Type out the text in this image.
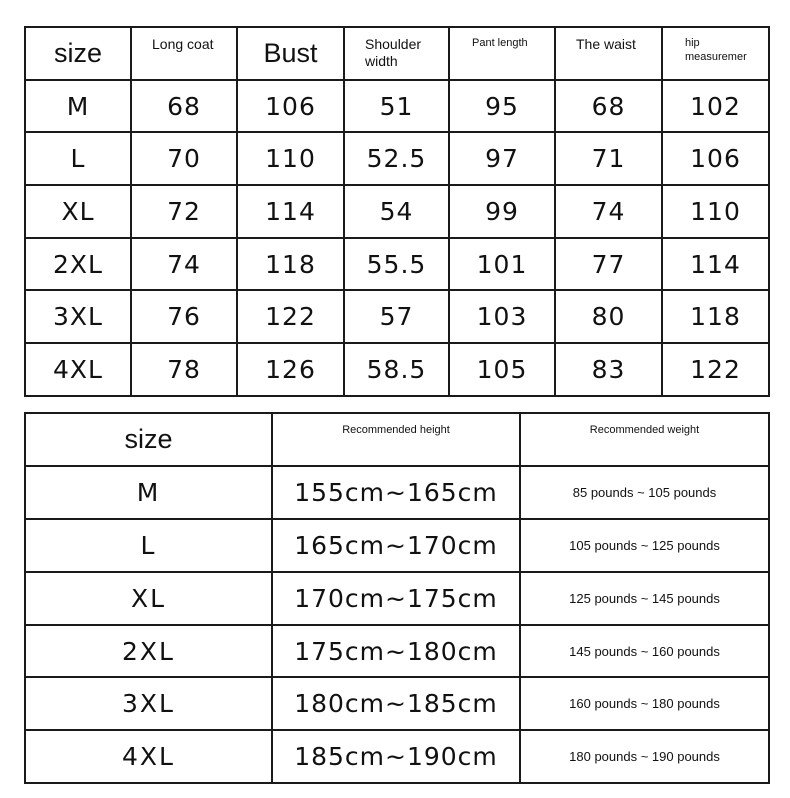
size	Long coat	Bust	Shoulder width	Pant length	The waist	hip measuremer
M	68	106	51	95	68	102
L	70	110	52.5	97	71	106
XL	72	114	54	99	74	110
2XL	74	118	55.5	101	77	114
3XL	76	122	57	103	80	118
4XL	78	126	58.5	105	83	122
size	Recommended height	Recommended weight
M	155cm~165cm	85 pounds ~ 105 pounds
L	165cm~170cm	105 pounds ~ 125 pounds
XL	170cm~175cm	125 pounds ~ 145 pounds
2XL	175cm~180cm	145 pounds ~ 160 pounds
3XL	180cm~185cm	160 pounds ~ 180 pounds
4XL	185cm~190cm	180 pounds ~ 190 pounds
